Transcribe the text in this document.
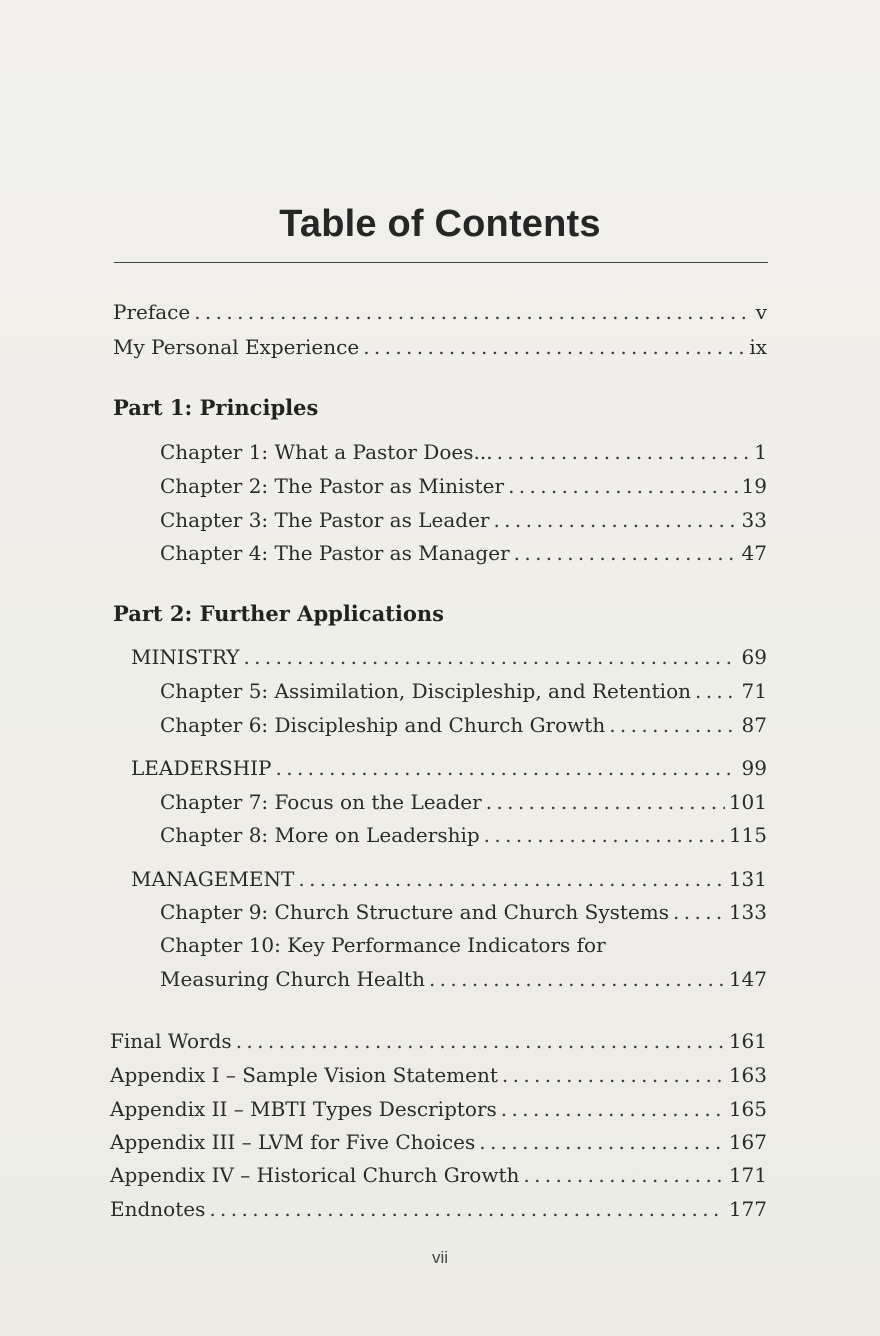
Table of Contents
Preface . . .	v
My Personal Experience . . .	ix
Part 1: Principles
Chapter 1: What a Pastor Does... . . .	1
Chapter 2: The Pastor as Minister . . .	19
Chapter 3: The Pastor as Leader . . .	33
Chapter 4: The Pastor as Manager . . .	47
Part 2: Further Applications
MINISTRY . . .	69
Chapter 5: Assimilation, Discipleship, and Retention . . .	71
Chapter 6: Discipleship and Church Growth . . .	87
LEADERSHIP . . .	99
Chapter 7: Focus on the Leader . . .	101
Chapter 8: More on Leadership . . .	115
MANAGEMENT . . .	131
Chapter 9: Church Structure and Church Systems . . .	133
Chapter 10: Key Performance Indicators for
Measuring Church Health . . .	147
Final Words . . .	161
Appendix I – Sample Vision Statement . . .	163
Appendix II – MBTI Types Descriptors . . .	165
Appendix III – LVM for Five Choices . . .	167
Appendix IV – Historical Church Growth . . .	171
Endnotes . . .	177
vii
